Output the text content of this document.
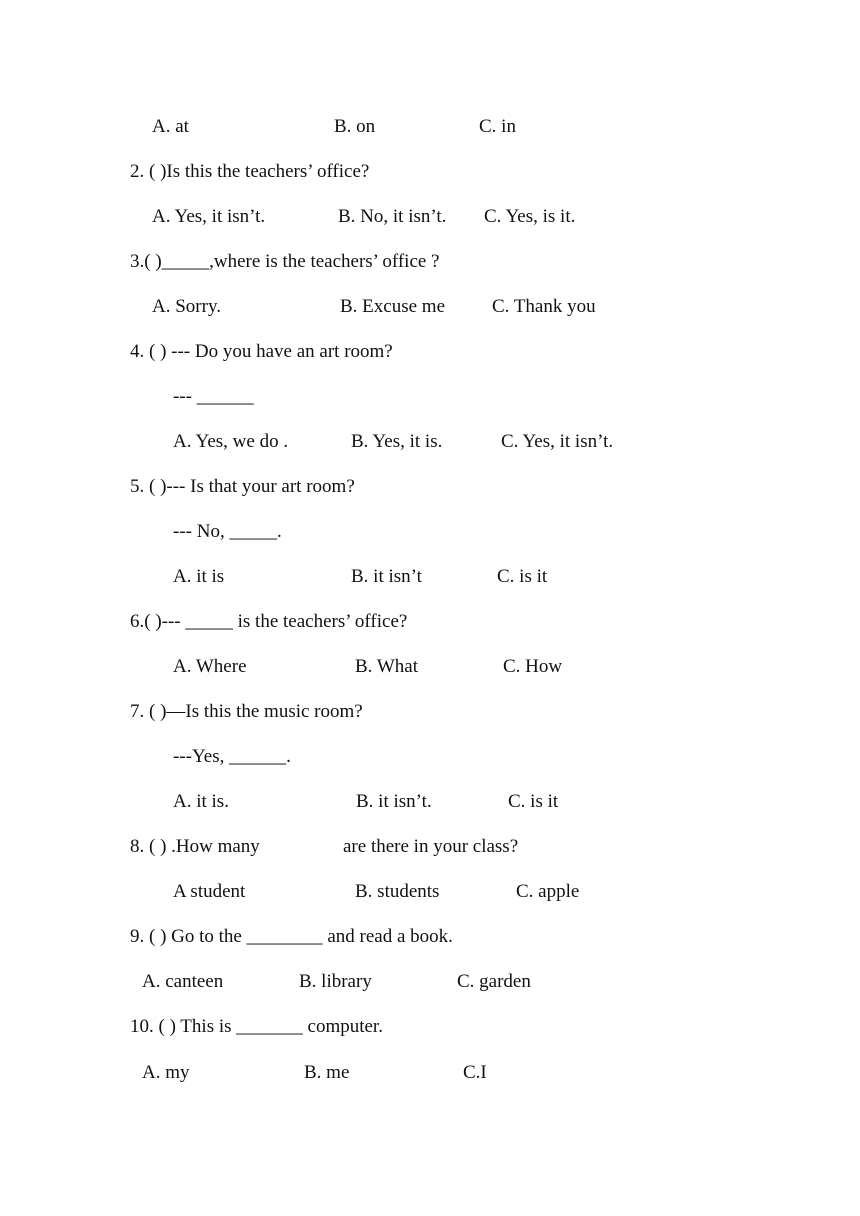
A. at	B. on	C. in
2. ( )Is this the teachers’ office?
A. Yes, it isn’t.	B. No, it isn’t. C. Yes, is it.
3.( )_____,where is the teachers’ office ?
A. Sorry.	B. Excuse me C. Thank you
4. ( ) --- Do you have an art room?
--- ______
A. Yes, we do .	B. Yes, it is.	C. Yes, it isn’t.
5. ( )--- Is that your art room?
--- No, _____.
A. it is	B. it isn’t	C. is it
6.( )--- _____ is the teachers’ office?
A. Where	B. What	C. How
7. ( )—Is this the music room?
---Yes, ______.
A. it is.	B. it isn’t.	C. is it
8. ( ) .How many	are there in your class?
A student	B. students	C. apple
9. ( ) Go to the ________ and read a book.
A. canteen	B. library	C. garden
10. ( ) This is _______ computer.
A. my	B. me	C.I
